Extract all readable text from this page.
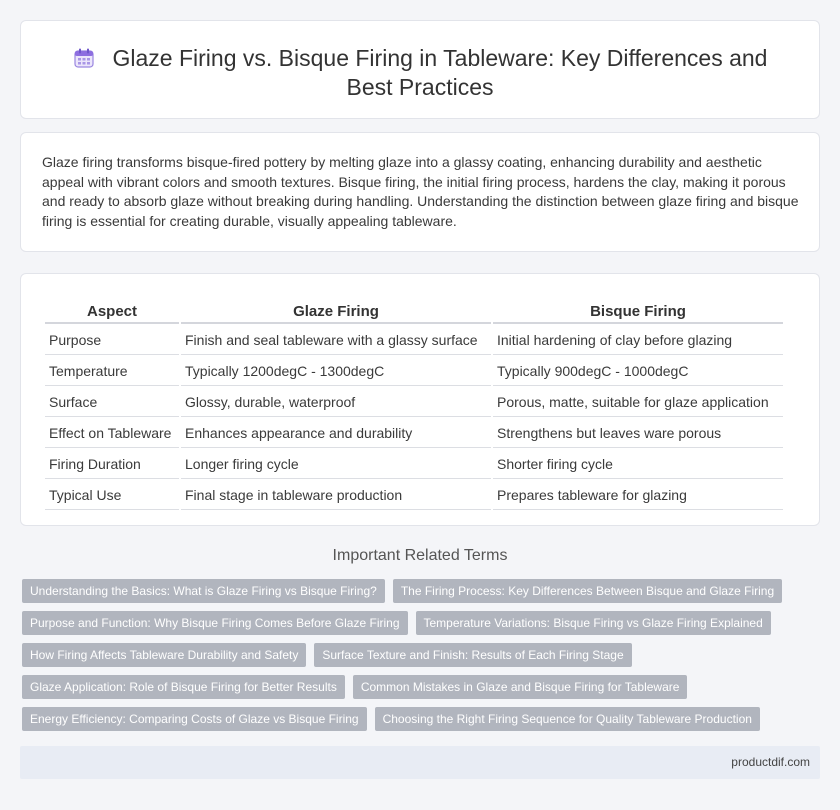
Glaze Firing vs. Bisque Firing in Tableware: Key Differences and Best Practices

Glaze firing transforms bisque-fired pottery by melting glaze into a glassy coating, enhancing durability and aesthetic appeal with vibrant colors and smooth textures. Bisque firing, the initial firing process, hardens the clay, making it porous and ready to absorb glaze without breaking during handling. Understanding the distinction between glaze firing and bisque firing is essential for creating durable, visually appealing tableware.

Aspect	Glaze Firing	Bisque Firing
Purpose	Finish and seal tableware with a glassy surface	Initial hardening of clay before glazing
Temperature	Typically 1200degC - 1300degC	Typically 900degC - 1000degC
Surface	Glossy, durable, waterproof	Porous, matte, suitable for glaze application
Effect on Tableware	Enhances appearance and durability	Strengthens but leaves ware porous
Firing Duration	Longer firing cycle	Shorter firing cycle
Typical Use	Final stage in tableware production	Prepares tableware for glazing
Important Related Terms
Understanding the Basics: What is Glaze Firing vs Bisque Firing?	The Firing Process: Key Differences Between Bisque and Glaze Firing
Purpose and Function: Why Bisque Firing Comes Before Glaze Firing	Temperature Variations: Bisque Firing vs Glaze Firing Explained
How Firing Affects Tableware Durability and Safety	Surface Texture and Finish: Results of Each Firing Stage
Glaze Application: Role of Bisque Firing for Better Results	Common Mistakes in Glaze and Bisque Firing for Tableware
Energy Efficiency: Comparing Costs of Glaze vs Bisque Firing	Choosing the Right Firing Sequence for Quality Tableware Production
productdif.com
